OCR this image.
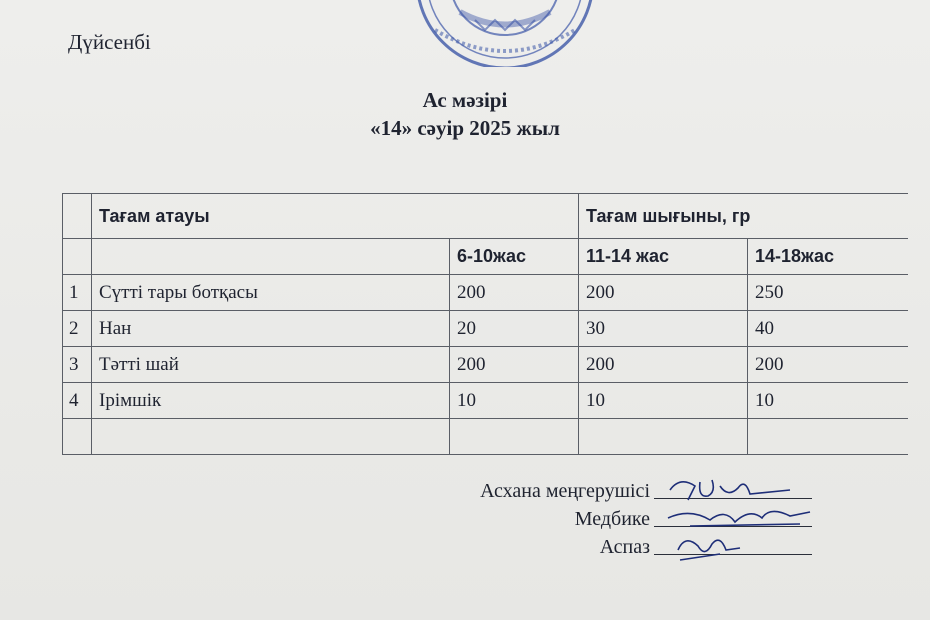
Дүйсенбі
Ас мәзірі
«14» сәуір 2025 жыл
	Тағам атауы		Тағам шығыны, гр	
		6-10жас	11-14 жас	14-18жас
1	Сүтті тары ботқасы	200	200	250
2	Нан	20	30	40
3	Тәтті шай	200	200	200
4	Ірімшік	10	10	10

Асхана меңгерушісі
Медбике
Аспаз
